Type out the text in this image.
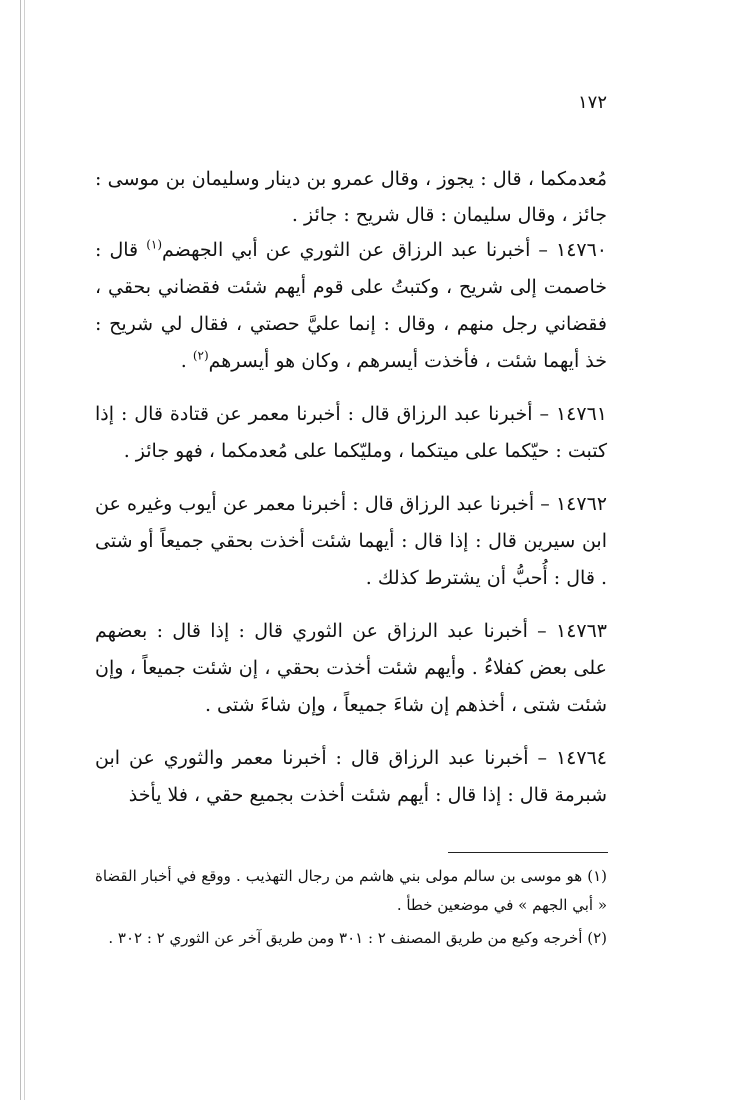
١٧٢

مُعدمكما ، قال : يجوز ، وقال عمرو بن دينار وسليمان بن موسى : جائز ، وقال سليمان : قال شريح : جائز .

١٤٧٦٠ – أخبرنا عبد الرزاق عن الثوري عن أبي الجهضم$^{(١)}$ قال : خاصمت إلى شريح ، وكتبتُ على قوم أيهم شئت فقضاني بحقي ، فقضاني رجل منهم ، وقال : إنما عليَّ حصتي ، فقال لي شريح : خذ أيهما شئت ، فأخذت أيسرهم ، وكان هو أيسرهم$^{(٢)}$ .

١٤٧٦١ – أخبرنا عبد الرزاق قال : أخبرنا معمر عن قتادة قال : إذا كتبت : حيّكما على ميتكما ، ومليّكما على مُعدمكما ، فهو جائز .

١٤٧٦٢ – أخبرنا عبد الرزاق قال : أخبرنا معمر عن أيوب وغيره عن ابن سيرين قال : إذا قال : أيهما شئت أخذت بحقي جميعاً أو شتى . قال : أُحبُّ أن يشترط كذلك .

١٤٧٦٣ – أخبرنا عبد الرزاق عن الثوري قال : إذا قال : بعضهم على بعض كفلاءُ . وأيهم شئت أخذت بحقي ، إن شئت جميعاً ، وإن شئت شتى ، أخذهم إن شاءَ جميعاً ، وإن شاءَ شتى .

١٤٧٦٤ – أخبرنا عبد الرزاق قال : أخبرنا معمر والثوري عن ابن شبرمة قال : إذا قال : أيهم شئت أخذت بجميع حقي ، فلا يأخذ

(١) هو موسى بن سالم مولى بني هاشم من رجال التهذيب . ووقع في أخبار القضاة « أبي الجهم » في موضعين خطأ .
(٢) أخرجه وكيع من طريق المصنف ٢ : ٣٠١ ومن طريق آخر عن الثوري ٢ : ٣٠٢ .
